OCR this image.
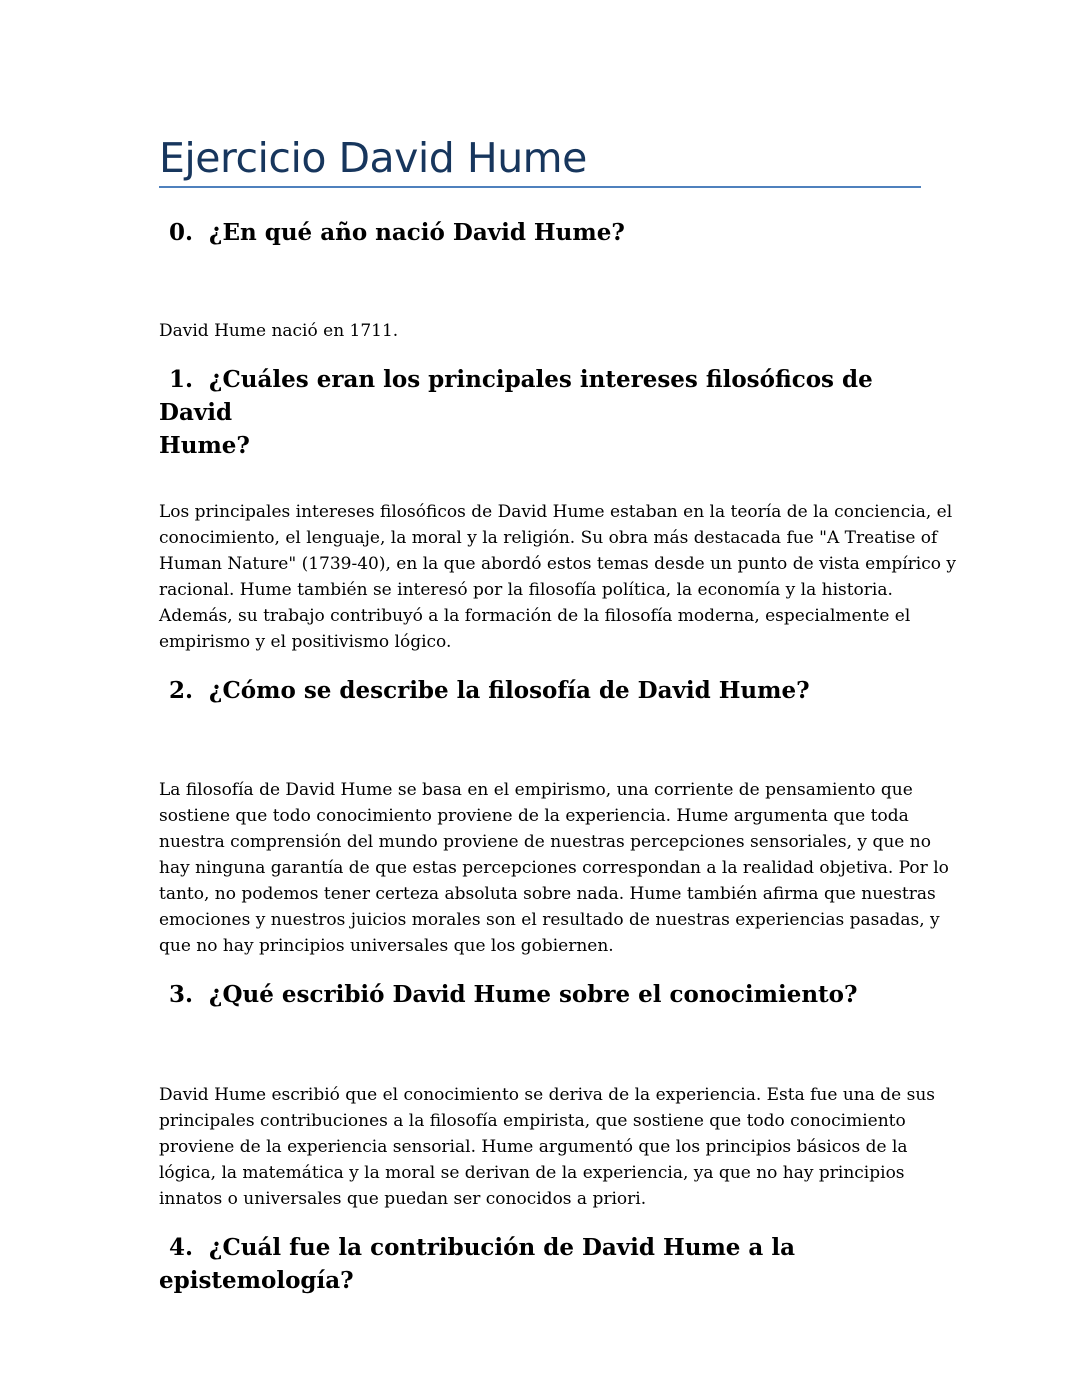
Ejercicio David Hume
0. ¿En qué año nació David Hume?

David Hume nació en 1711.

1. ¿Cuáles eran los principales intereses filosóficos de David
Hume?

Los principales intereses filosóficos de David Hume estaban en la teoría de la conciencia, el
conocimiento, el lenguaje, la moral y la religión. Su obra más destacada fue "A Treatise of
Human Nature" (1739-40), en la que abordó estos temas desde un punto de vista empírico y
racional. Hume también se interesó por la filosofía política, la economía y la historia.
Además, su trabajo contribuyó a la formación de la filosofía moderna, especialmente el
empirismo y el positivismo lógico.

2. ¿Cómo se describe la filosofía de David Hume?

La filosofía de David Hume se basa en el empirismo, una corriente de pensamiento que
sostiene que todo conocimiento proviene de la experiencia. Hume argumenta que toda
nuestra comprensión del mundo proviene de nuestras percepciones sensoriales, y que no
hay ninguna garantía de que estas percepciones correspondan a la realidad objetiva. Por lo
tanto, no podemos tener certeza absoluta sobre nada. Hume también afirma que nuestras
emociones y nuestros juicios morales son el resultado de nuestras experiencias pasadas, y
que no hay principios universales que los gobiernen.

3. ¿Qué escribió David Hume sobre el conocimiento?

David Hume escribió que el conocimiento se deriva de la experiencia. Esta fue una de sus
principales contribuciones a la filosofía empirista, que sostiene que todo conocimiento
proviene de la experiencia sensorial. Hume argumentó que los principios básicos de la
lógica, la matemática y la moral se derivan de la experiencia, ya que no hay principios
innatos o universales que puedan ser conocidos a priori.

4. ¿Cuál fue la contribución de David Hume a la epistemología?
